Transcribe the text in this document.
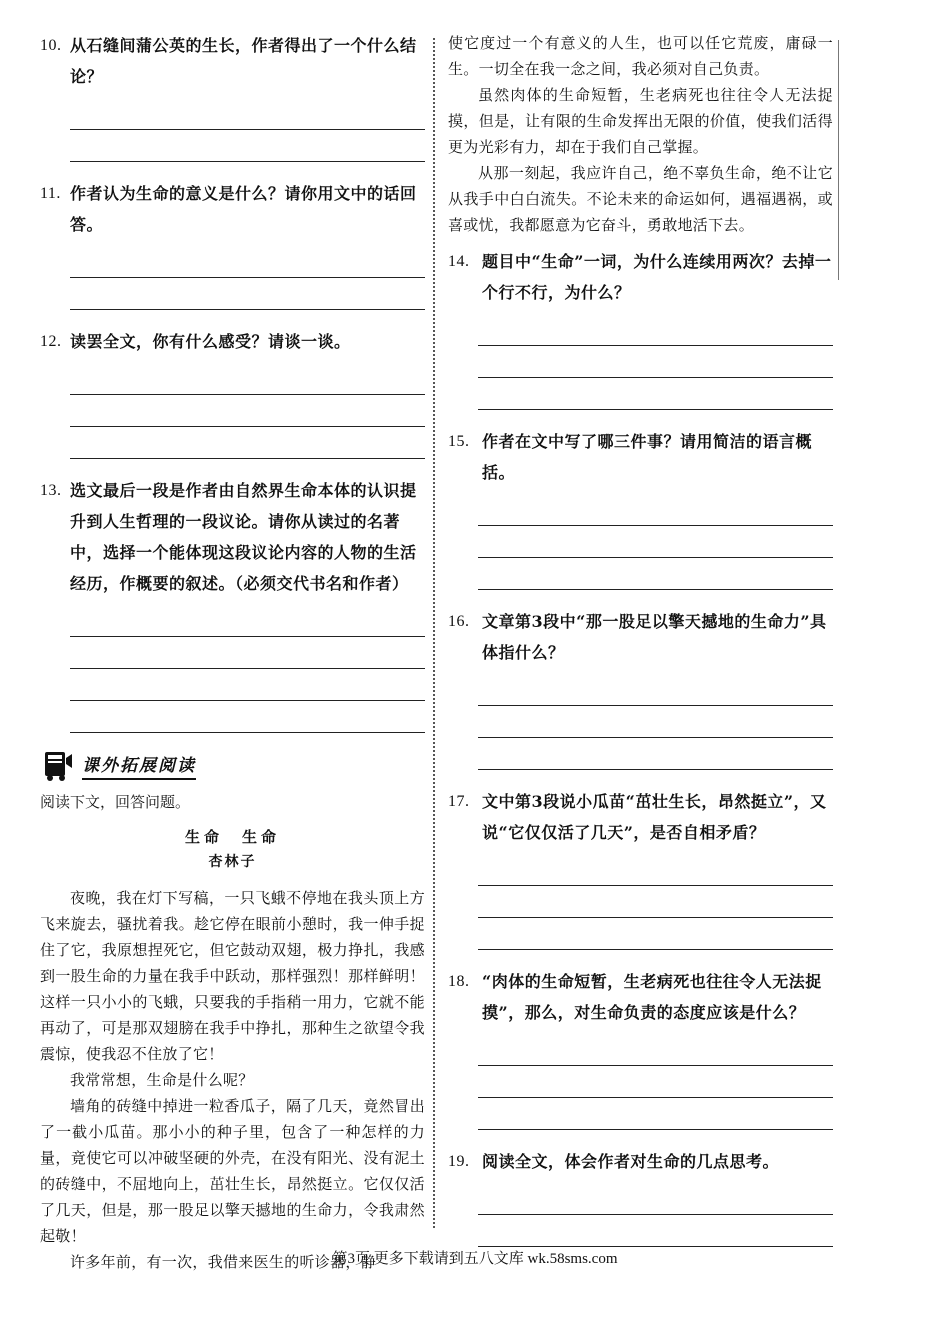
10. 从石缝间蒲公英的生长，作者得出了一个什么结论？
11. 作者认为生命的意义是什么？请你用文中的话回答。
12. 读罢全文，你有什么感受？请谈一谈。
13. 选文最后一段是作者由自然界生命本体的认识提升到人生哲理的一段议论。请你从读过的名著中，选择一个能体现这段议论内容的人物的生活经历，作概要的叙述。（必须交代书名和作者）
课外拓展阅读
阅读下文，回答问题。
生命　生命
杏林子

夜晚，我在灯下写稿，一只飞蛾不停地在我头顶上方飞来旋去，骚扰着我。趁它停在眼前小憩时，我一伸手捉住了它，我原想捏死它，但它鼓动双翅，极力挣扎，我感到一股生命的力量在我手中跃动，那样强烈！那样鲜明！这样一只小小的飞蛾，只要我的手指稍一用力，它就不能再动了，可是那双翅膀在我手中挣扎，那种生之欲望令我震惊，使我忍不住放了它！

我常常想，生命是什么呢？

墙角的砖缝中掉进一粒香瓜子，隔了几天，竟然冒出了一截小瓜苗。那小小的种子里，包含了一种怎样的力量，竟使它可以冲破坚硬的外壳，在没有阳光、没有泥土的砖缝中，不屈地向上，茁壮生长，昂然挺立。它仅仅活了几天，但是，那一股足以擎天撼地的生命力，令我肃然起敬！

许多年前，有一次，我借来医生的听诊器，静

使它度过一个有意义的人生，也可以任它荒废，庸碌一生。一切全在我一念之间，我必须对自己负责。

虽然肉体的生命短暂，生老病死也往往令人无法捉摸，但是，让有限的生命发挥出无限的价值，使我们活得更为光彩有力，却在于我们自己掌握。

从那一刻起，我应许自己，绝不辜负生命，绝不让它从我手中白白流失。不论未来的命运如何，遇福遇祸，或喜或忧，我都愿意为它奋斗，勇敢地活下去。

14. 题目中“生命”一词，为什么连续用两次？去掉一个行不行，为什么？
15. 作者在文中写了哪三件事？请用简洁的语言概括。
16. 文章第3段中“那一股足以擎天撼地的生命力”具体指什么？
17. 文中第3段说小瓜苗“茁壮生长，昂然挺立”，又说“它仅仅活了几天”，是否自相矛盾？
18. “肉体的生命短暂，生老病死也往往令人无法捉摸”，那么，对生命负责的态度应该是什么？
19. 阅读全文，体会作者对生命的几点思考。
第3页 更多下载请到五八文库 wk.58sms.com
